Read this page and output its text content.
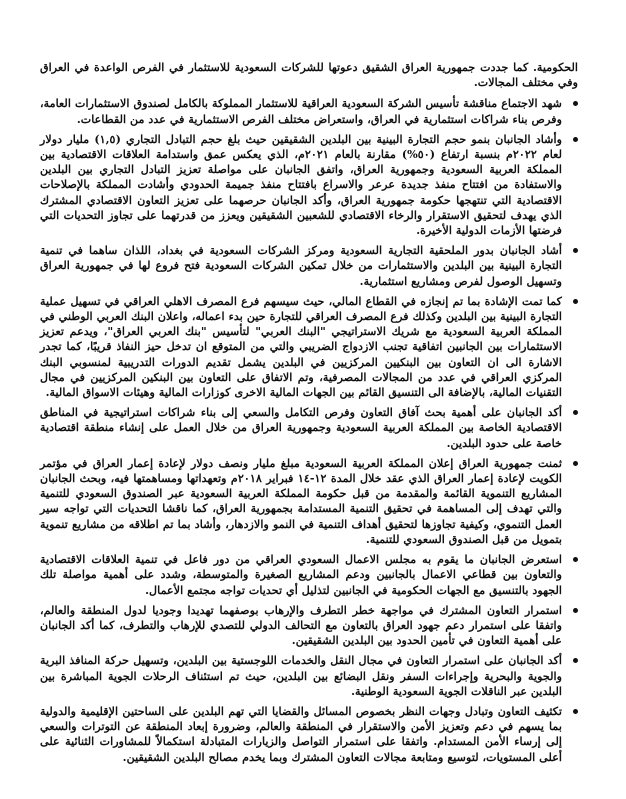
الحكومية. كما جددت جمهورية العراق الشقيق دعوتها للشركات السعودية للاستثمار في الفرص الواعدة في العراق وفي مختلف المجالات.

شهد الاجتماع مناقشة تأسيس الشركة السعودية العراقية للاستثمار المملوكة بالكامل لصندوق الاستثمارات العامة، وفرص بناء شراكات استثمارية في العراق، واستعراض مختلف الفرص الاستثمارية في عدد من القطاعات.
وأشاد الجانبان بنمو حجم التجارة البينية بين البلدين الشقيقين حيث بلغ حجم التبادل التجاري (١,٥) مليار دولار لعام ٢٠٢٢م بنسبة ارتفاع (٥٠%) مقارنة بالعام ٢٠٢١م، الذي يعكس عمق واستدامة العلاقات الاقتصادية بين المملكة العربية السعودية وجمهورية العراق، واتفق الجانبان على مواصلة تعزيز التبادل التجاري بين البلدين والاستفادة من افتتاح منفذ جديدة عرعر والاسراع بافتتاح منفذ جميمة الحدودي وأشادت المملكة بالإصلاحات الاقتصادية التي تنتهجها حكومة جمهورية العراق، وأكد الجانبان حرصهما على تعزيز التعاون الاقتصادي المشترك الذي يهدف لتحقيق الاستقرار والرخاء الاقتصادي للشعبين الشقيقين ويعزز من قدرتهما على تجاوز التحديات التي فرضتها الأزمات الدولية الأخيرة.
أشاد الجانبان بدور الملحقية التجارية السعودية ومركز الشركات السعودية في بغداد، اللذان ساهما في تنمية التجارة البينية بين البلدين والاستثمارات من خلال تمكين الشركات السعودية فتح فروع لها في جمهورية العراق وتسهيل الوصول لفرص ومشاريع استثمارية.
كما تمت الإشادة بما تم إنجازه في القطاع المالي، حيث سيسهم فرع المصرف الاهلي العراقي في تسهيل عملية التجارة البينية بين البلدين وكذلك فرع المصرف العراقي للتجارة حين بدء اعماله، واعلان البنك العربي الوطني في المملكة العربية السعودية مع شريك الاستراتيجي "البنك العربي" لتأسيس "بنك العربي العراق"، ويدعم تعزيز الاستثمارات بين الجانبين اتفاقية تجنب الازدواج الضريبي والتي من المتوقع ان تدخل حيز النفاذ قريبًا، كما تجدر الاشارة الى ان التعاون بين البنكيين المركزيين في البلدين يشمل تقديم الدورات التدريبية لمنسوبي البنك المركزي العراقي في عدد من المجالات المصرفية، وتم الاتفاق على التعاون بين البنكين المركزيين في مجال التقنيات المالية، بالإضافة الى التنسيق القائم بين الجهات المالية الاخرى كوزارات المالية وهيئات الاسواق المالية.
أكد الجانبان على أهمية بحث آفاق التعاون وفرص التكامل والسعي إلى بناء شراكات استراتيجية في المناطق الاقتصادية الخاصة بين المملكة العربية السعودية وجمهورية العراق من خلال العمل على إنشاء منطقة اقتصادية خاصة على حدود البلدين.
ثمنت جمهورية العراق إعلان المملكة العربية السعودية مبلغ مليار ونصف دولار لإعادة إعمار العراق في مؤتمر الكويت لإعادة إعمار العراق الذي عقد خلال المدة ١٢-١٤ فبراير ٢٠١٨م وتعهداتها ومساهمتها فيه، وبحث الجانبان المشاريع التنموية القائمة والمقدمة من قبل حكومة المملكة العربية السعودية عبر الصندوق السعودي للتنمية والتي تهدف إلى المساهمة في تحقيق التنمية المستدامة بجمهورية العراق، كما ناقشا التحديات التي تواجه سير العمل التنموي، وكيفية تجاوزها لتحقيق أهداف التنمية في النمو والازدهار، وأشاد بما تم اطلاقه من مشاريع تنموية بتمويل من قبل الصندوق السعودي للتنمية.
استعرض الجانبان ما يقوم به مجلس الاعمال السعودي العراقي من دور فاعل في تنمية العلاقات الاقتصادية والتعاون بين قطاعي الاعمال بالجانبين ودعم المشاريع الصغيرة والمتوسطة، وشدد على أهمية مواصلة تلك الجهود بالتنسيق مع الجهات الحكومية في الجانبين لتذليل أي تحديات تواجه مجتمع الأعمال.
استمرار التعاون المشترك في مواجهة خطر التطرف والإرهاب بوصفهما تهديدا وجوديا لدول المنطقة والعالم، واتفقا على استمرار دعم جهود العراق بالتعاون مع التحالف الدولي للتصدي للإرهاب والتطرف، كما أكد الجانبان على أهمية التعاون في تأمين الحدود بين البلدين الشقيقين.
أكد الجانبان على استمرار التعاون في مجال النقل والخدمات اللوجستية بين البلدين، وتسهيل حركة المنافذ البرية والجوية والبحرية وإجراءات السفر ونقل البضائع بين البلدين، حيث تم استئناف الرحلات الجوية المباشرة بين البلدين عبر الناقلات الجوية السعودية الوطنية.
تكثيف التعاون وتبادل وجهات النظر بخصوص المسائل والقضايا التي تهم البلدين على الساحتين الإقليمية والدولية بما يسهم في دعم وتعزيز الأمن والاستقرار في المنطقة والعالم، وضرورة إبعاد المنطقة عن التوترات والسعي إلى إرساء الأمن المستدام. واتفقا على استمرار التواصل والزيارات المتبادلة استكمالاً للمشاورات الثنائية على أعلى المستويات، لتوسيع ومتابعة مجالات التعاون المشترك وبما يخدم مصالح البلدين الشقيقين.
